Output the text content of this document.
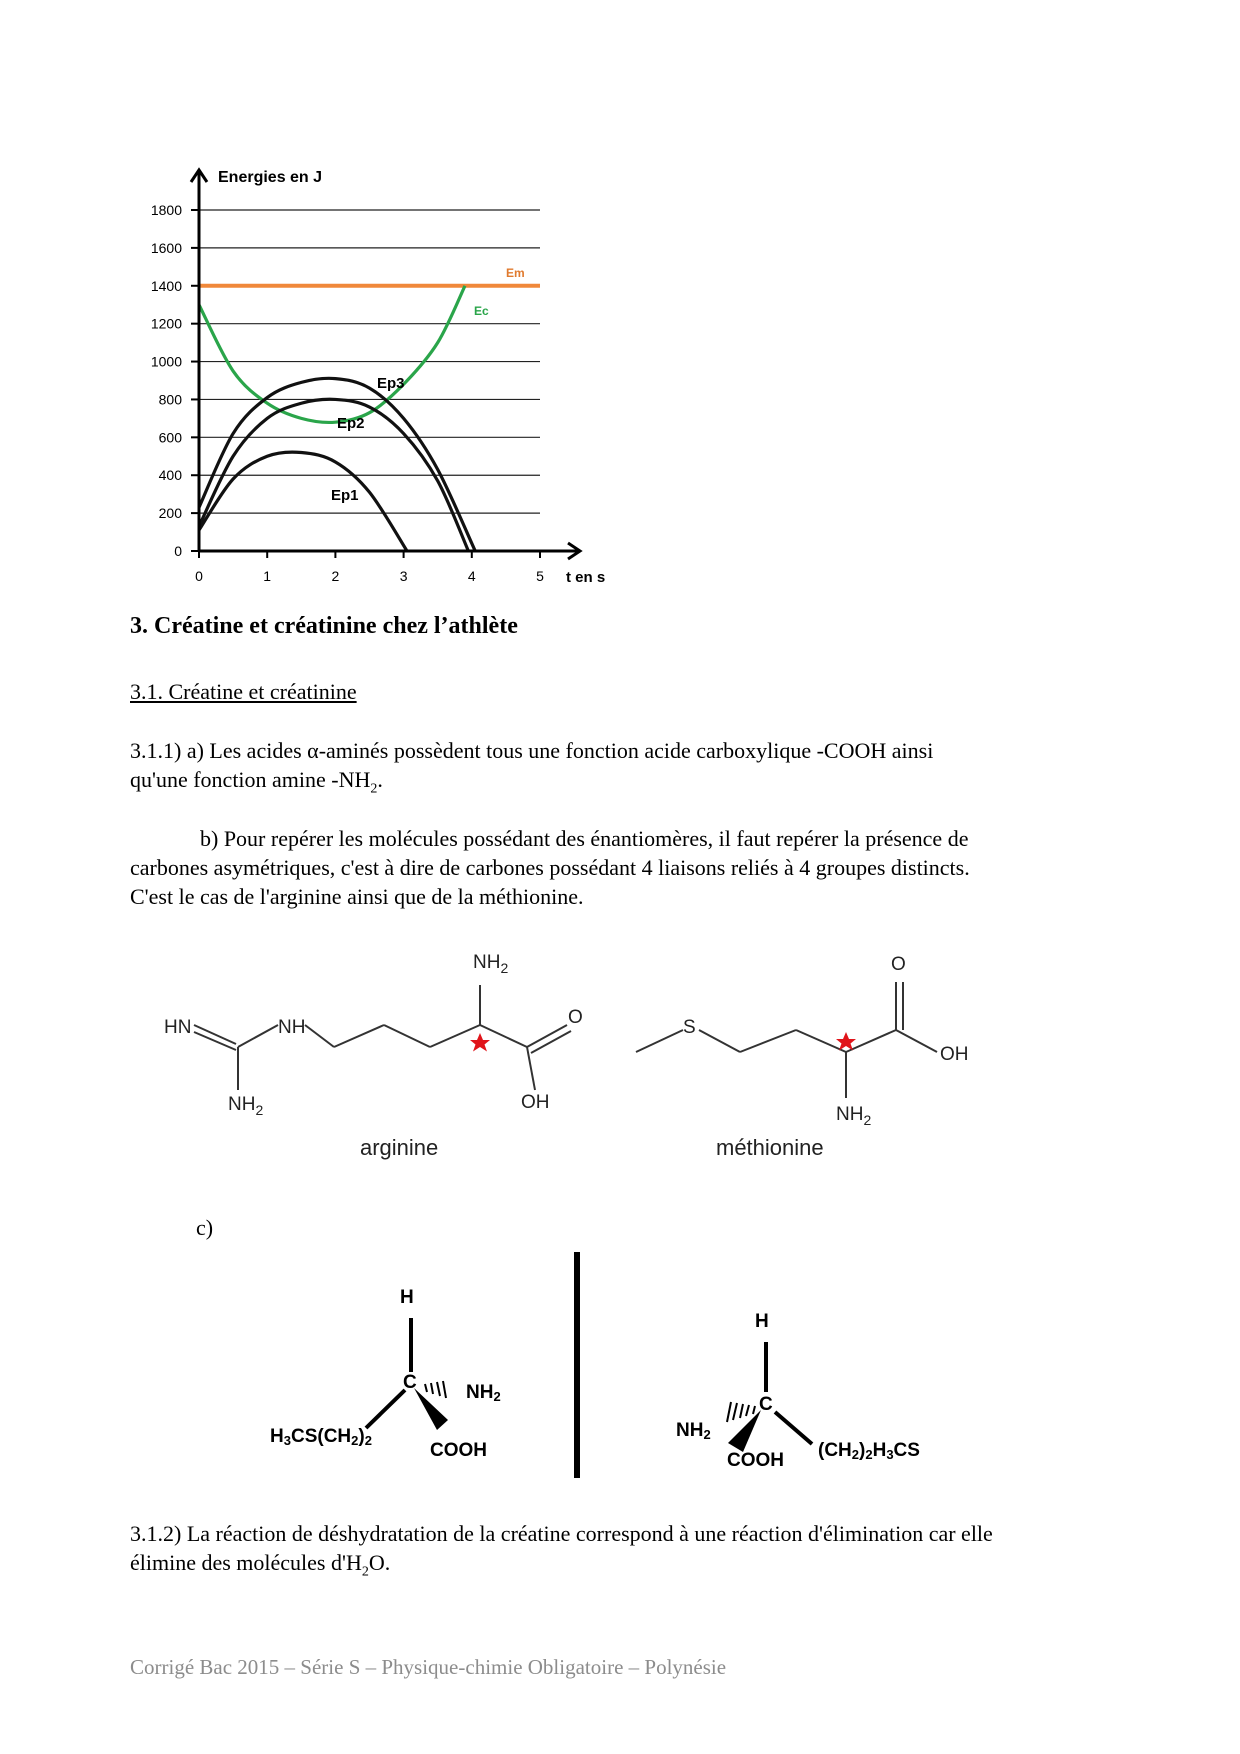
Energies en J
t en s
0
200
400
600
800
1000
1200
1400
1600
1800
0	1	2	3	4	5
Em
Ec
Ep3
Ep2
Ep1
3. Créatine et créatinine chez l’athlète
3.1. Créatine et créatinine
3.1.1) a) Les acides α-aminés possèdent tous une fonction acide carboxylique -COOH ainsi
qu'une fonction amine $-NH_2$.
b) Pour repérer les molécules possédant des énantiomères, il faut repérer la présence de
carbones asymétriques, c'est à dire de carbones possédant 4 liaisons reliés à 4 groupes distincts.
C'est le cas de l'arginine ainsi que de la méthionine.
HN	NH
$NH_2$
$NH_2$
O
OH
arginine
S
O
OH
$NH_2$
méthionine
c)
H
C	NH2
H3CS(CH2)2	COOH
H
C
NH2
COOH (CH2)2H3CS
3.1.2) La réaction de déshydratation de la créatine correspond à une réaction d'élimination car elle
élimine des molécules $d'H_2O$.
Corrigé Bac 2015 – Série S – Physique-chimie Obligatoire – Polynésie
